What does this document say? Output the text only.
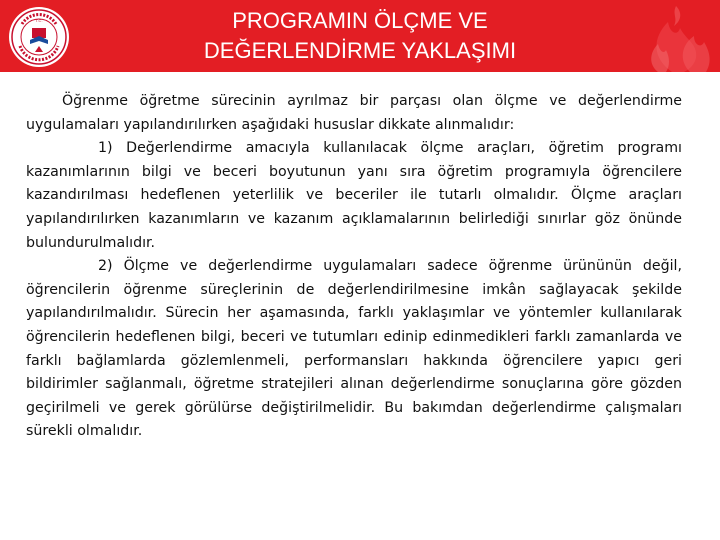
T.C.	PROGRAMIN ÖLÇME VE
DEĞERLENDİRME YAKLAŞIMI

Öğrenme öğretme sürecinin ayrılmaz bir parçası olan ölçme ve değerlendirme uygulamaları yapılandırılırken aşağıdaki hususlar dikkate alınmalıdır:

1) Değerlendirme amacıyla kullanılacak ölçme araçları, öğretim programı kazanımlarının bilgi ve beceri boyutunun yanı sıra öğretim programıyla öğrencilere kazandırılması hedeflenen yeterlilik ve beceriler ile tutarlı olmalıdır. Ölçme araçları yapılandırılırken kazanımların ve kazanım açıklamalarının belirlediği sınırlar göz önünde bulundurulmalıdır.

2) Ölçme ve değerlendirme uygulamaları sadece öğrenme ürününün değil, öğrencilerin öğrenme süreçlerinin de değerlendirilmesine imkân sağlayacak şekilde yapılandırılmalıdır. Sürecin her aşamasında, farklı yaklaşımlar ve yöntemler kullanılarak öğrencilerin hedeflenen bilgi, beceri ve tutumları edinip edinmedikleri farklı zamanlarda ve farklı bağlamlarda gözlemlenmeli, performansları hakkında öğrencilere yapıcı geri bildirimler sağlanmalı, öğretme stratejileri alınan değerlendirme sonuçlarına göre gözden geçirilmeli ve gerek görülürse değiştirilmelidir. Bu bakımdan değerlendirme çalışmaları sürekli olmalıdır.
